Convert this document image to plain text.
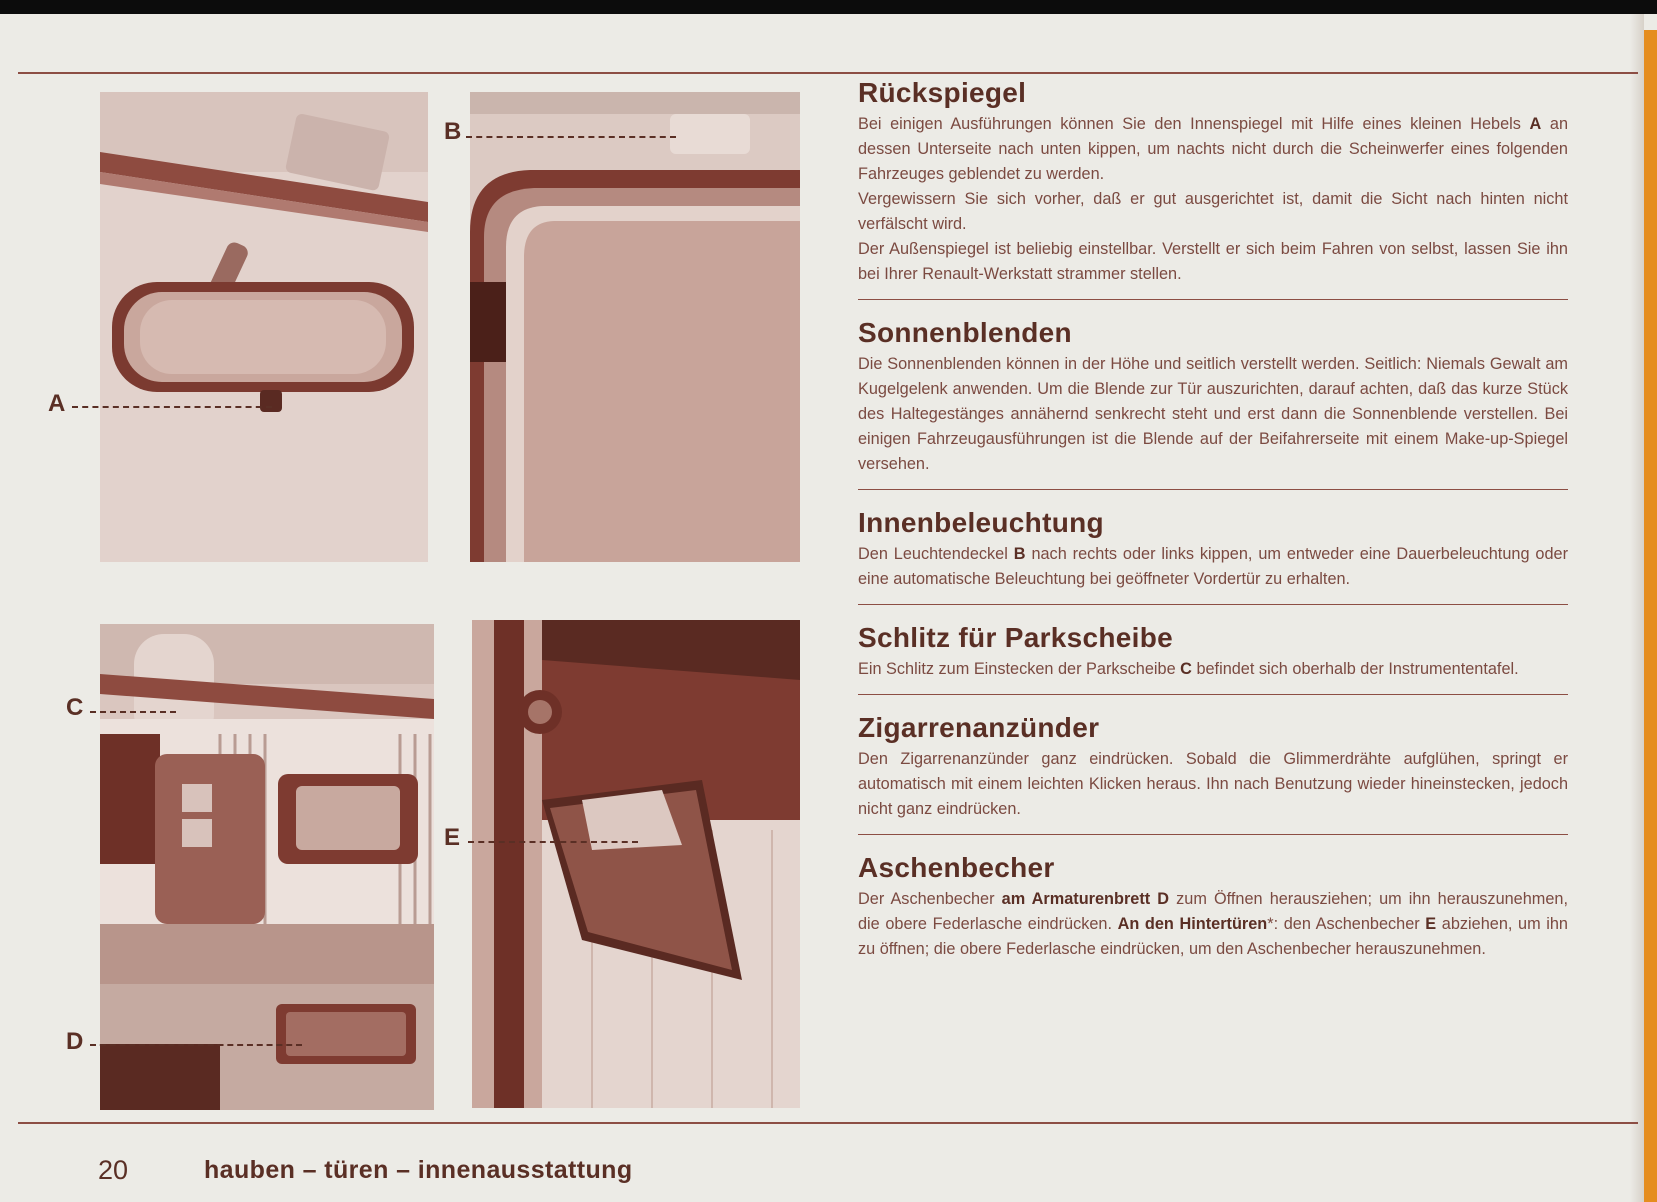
A
B
C
D
E
Rückspiegel

Bei einigen Ausführungen können Sie den Innenspiegel mit Hilfe eines kleinen Hebels A an dessen Unterseite nach unten kippen, um nachts nicht durch die Scheinwerfer eines folgenden Fahrzeuges geblendet zu werden.
Vergewissern Sie sich vorher, daß er gut ausgerichtet ist, damit die Sicht nach hinten nicht verfälscht wird.
Der Außenspiegel ist beliebig einstellbar. Verstellt er sich beim Fahren von selbst, lassen Sie ihn bei Ihrer Renault-Werkstatt strammer stellen.

Sonnenblenden

Die Sonnenblenden können in der Höhe und seitlich verstellt werden. Seitlich: Niemals Gewalt am Kugelgelenk anwenden. Um die Blende zur Tür auszurichten, darauf achten, daß das kurze Stück des Haltegestänges annähernd senkrecht steht und erst dann die Sonnenblende verstellen. Bei einigen Fahrzeugausführungen ist die Blende auf der Beifahrerseite mit einem Make-up-Spiegel versehen.

Innenbeleuchtung

Den Leuchtendeckel B nach rechts oder links kippen, um entweder eine Dauerbeleuchtung oder eine automatische Beleuchtung bei geöffneter Vordertür zu erhalten.

Schlitz für Parkscheibe

Ein Schlitz zum Einstecken der Parkscheibe C befindet sich oberhalb der Instrumententafel.

Zigarrenanzünder

Den Zigarrenanzünder ganz eindrücken. Sobald die Glimmerdrähte aufglühen, springt er automatisch mit einem leichten Klicken heraus. Ihn nach Benutzung wieder hineinstecken, jedoch nicht ganz eindrücken.

Aschenbecher

Der Aschenbecher am Armaturenbrett D zum Öffnen herausziehen; um ihn herauszunehmen, die obere Federlasche eindrücken. An den Hintertüren*: den Aschenbecher E abziehen, um ihn zu öffnen; die obere Federlasche eindrücken, um den Aschenbecher herauszunehmen.

20	hauben – türen – innenausstattung
